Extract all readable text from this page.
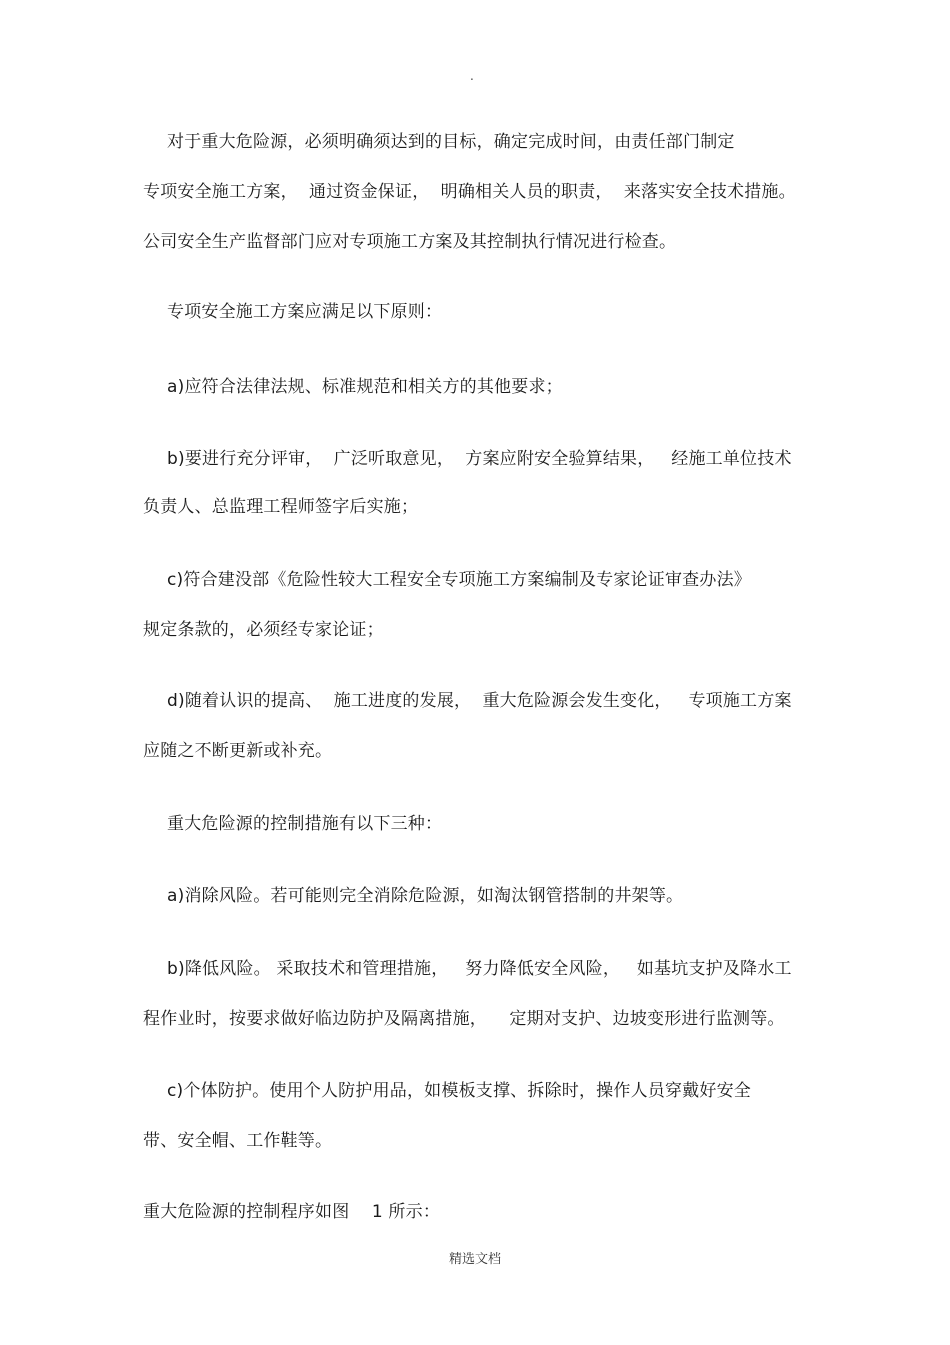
.
对于重大危险源，必须明确须达到的目标，确定完成时间，由责任部门制定
专项安全施工方案，  通过资金保证，  明确相关人员的职责，  来落实安全技术措施。
公司安全生产监督部门应对专项施工方案及其控制执行情况进行检查。
专项安全施工方案应满足以下原则：
a)应符合法律法规、标准规范和相关方的其他要求；
b)要进行充分评审，  广泛听取意见，  方案应附安全验算结果，   经施工单位技术
负责人、总监理工程师签字后实施；
c)符合建没部《危险性较大工程安全专项施工方案编制及专家论证审查办法》
规定条款的，必须经专家论证；
d)随着认识的提高、  施工进度的发展，  重大危险源会发生变化，   专项施工方案
应随之不断更新或补充。
重大危险源的控制措施有以下三种：
a)消除风险。若可能则完全消除危险源，如淘汰钢管搭制的井架等。
b)降低风险。 采取技术和管理措施，   努力降低安全风险，   如基坑支护及降水工
程作业时，按要求做好临边防护及隔离措施，    定期对支护、边坡变形进行监测等。
c)个体防护。使用个人防护用品，如模板支撑、拆除时，操作人员穿戴好安全
带、安全帽、工作鞋等。
重大危险源的控制程序如图    1 所示：
精选文档
